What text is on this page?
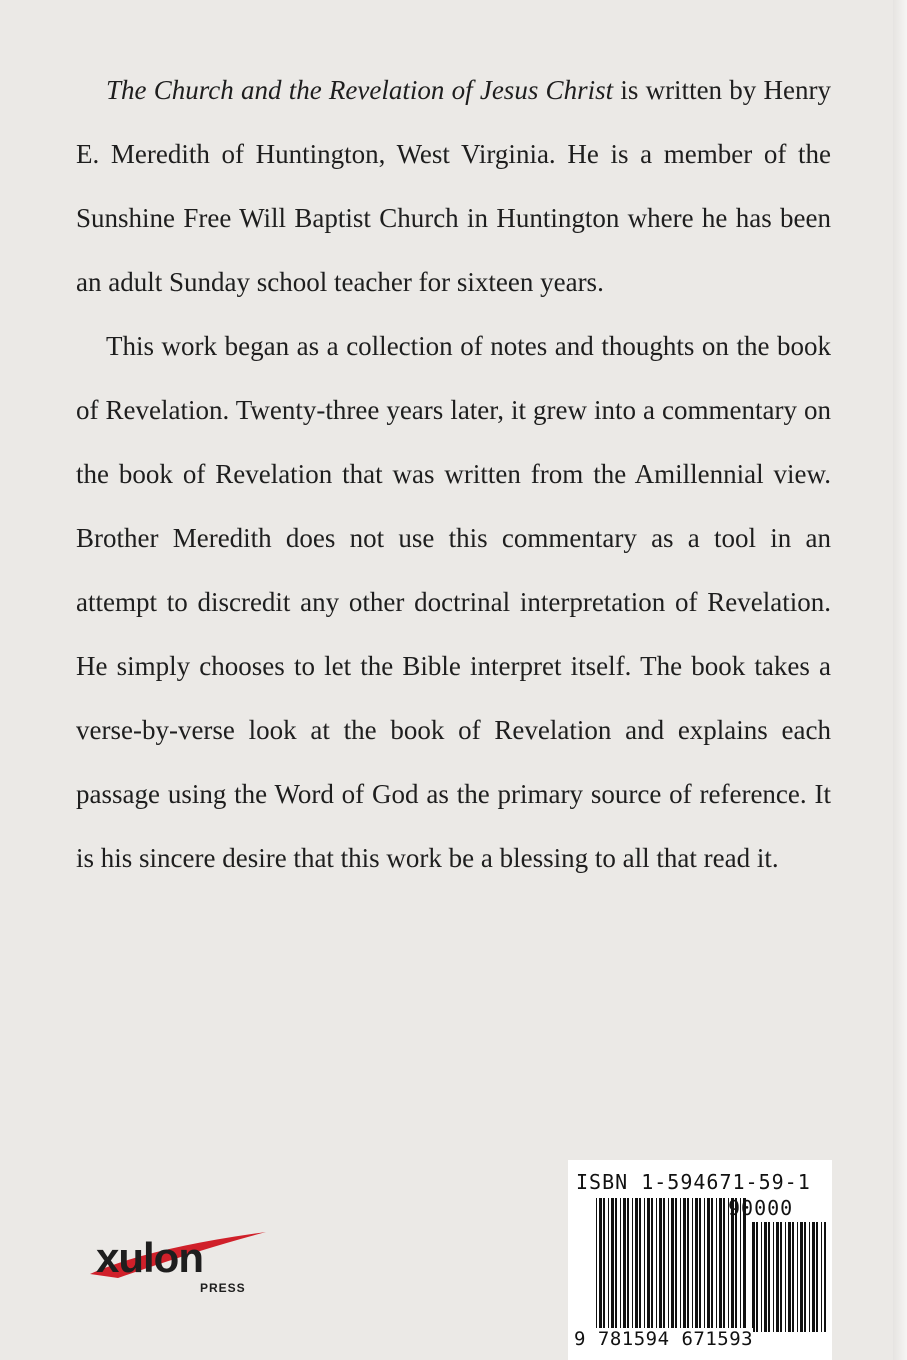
The Church and the Revelation of Jesus Christ is written by Henry E. Meredith of Huntington, West Virginia. He is a member of the Sunshine Free Will Baptist Church in Huntington where he has been an adult Sunday school teacher for sixteen years.

This work began as a collection of notes and thoughts on the book of Revelation. Twenty-three years later, it grew into a commentary on the book of Revelation that was written from the Amillennial view. Brother Meredith does not use this commentary as a tool in an attempt to discredit any other doctrinal interpretation of Revelation. He simply chooses to let the Bible interpret itself. The book takes a verse-by-verse look at the book of Revelation and explains each passage using the Word of God as the primary source of reference. It is his sincere desire that this work be a blessing to all that read it.

xulon
PRESS
ISBN 1-594671-59-1
90000
9 781594 671593
